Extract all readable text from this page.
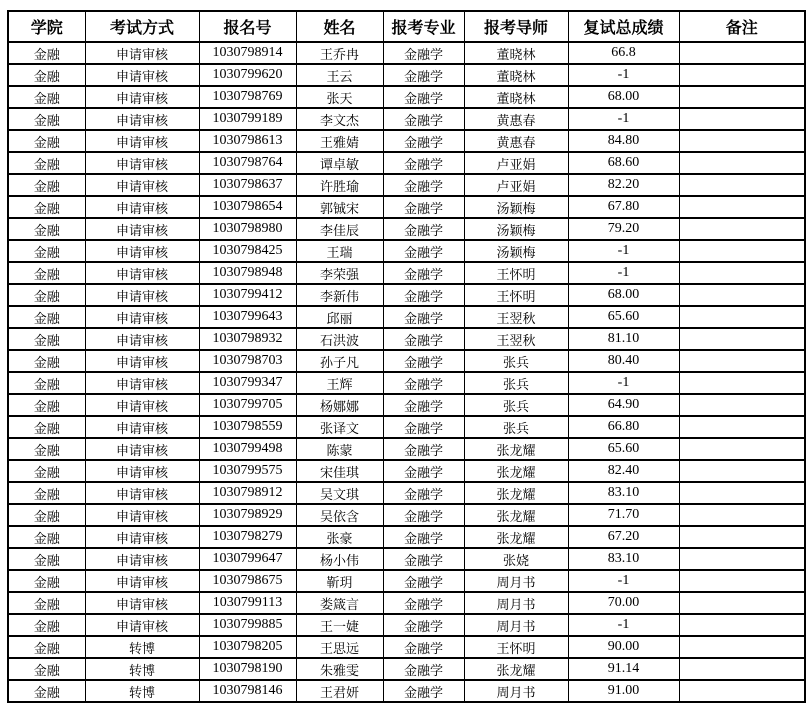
学院	考试方式	报名号	姓名	报考专业	报考导师	复试总成绩	备注
金融	申请审核	1030798914	王乔冉	金融学	董晓林	66.8	
金融	申请审核	1030799620	王云	金融学	董晓林	-1	
金融	申请审核	1030798769	张天	金融学	董晓林	68.00	
金融	申请审核	1030799189	李文杰	金融学	黄惠春	-1	
金融	申请审核	1030798613	王雅婧	金融学	黄惠春	84.80	
金融	申请审核	1030798764	谭卓敏	金融学	卢亚娟	68.60	
金融	申请审核	1030798637	许胜瑜	金融学	卢亚娟	82.20	
金融	申请审核	1030798654	郭铖宋	金融学	汤颖梅	67.80	
金融	申请审核	1030798980	李佳辰	金融学	汤颖梅	79.20	
金融	申请审核	1030798425	王瑞	金融学	汤颖梅	-1	
金融	申请审核	1030798948	李荣强	金融学	王怀明	-1	
金融	申请审核	1030799412	李新伟	金融学	王怀明	68.00	
金融	申请审核	1030799643	邱丽	金融学	王翌秋	65.60	
金融	申请审核	1030798932	石洪波	金融学	王翌秋	81.10	
金融	申请审核	1030798703	孙子凡	金融学	张兵	80.40	
金融	申请审核	1030799347	王辉	金融学	张兵	-1	
金融	申请审核	1030799705	杨娜娜	金融学	张兵	64.90	
金融	申请审核	1030798559	张译文	金融学	张兵	66.80	
金融	申请审核	1030799498	陈蒙	金融学	张龙耀	65.60	
金融	申请审核	1030799575	宋佳琪	金融学	张龙耀	82.40	
金融	申请审核	1030798912	吴文琪	金融学	张龙耀	83.10	
金融	申请审核	1030798929	吴依含	金融学	张龙耀	71.70	
金融	申请审核	1030798279	张豪	金融学	张龙耀	67.20	
金融	申请审核	1030799647	杨小伟	金融学	张娆	83.10	
金融	申请审核	1030798675	靳玥	金融学	周月书	-1	
金融	申请审核	1030799113	娄箴言	金融学	周月书	70.00	
金融	申请审核	1030799885	王一婕	金融学	周月书	-1	
金融	转博	1030798205	王思远	金融学	王怀明	90.00	
金融	转博	1030798190	朱雅雯	金融学	张龙耀	91.14	
金融	转博	1030798146	王君妍	金融学	周月书	91.00	
